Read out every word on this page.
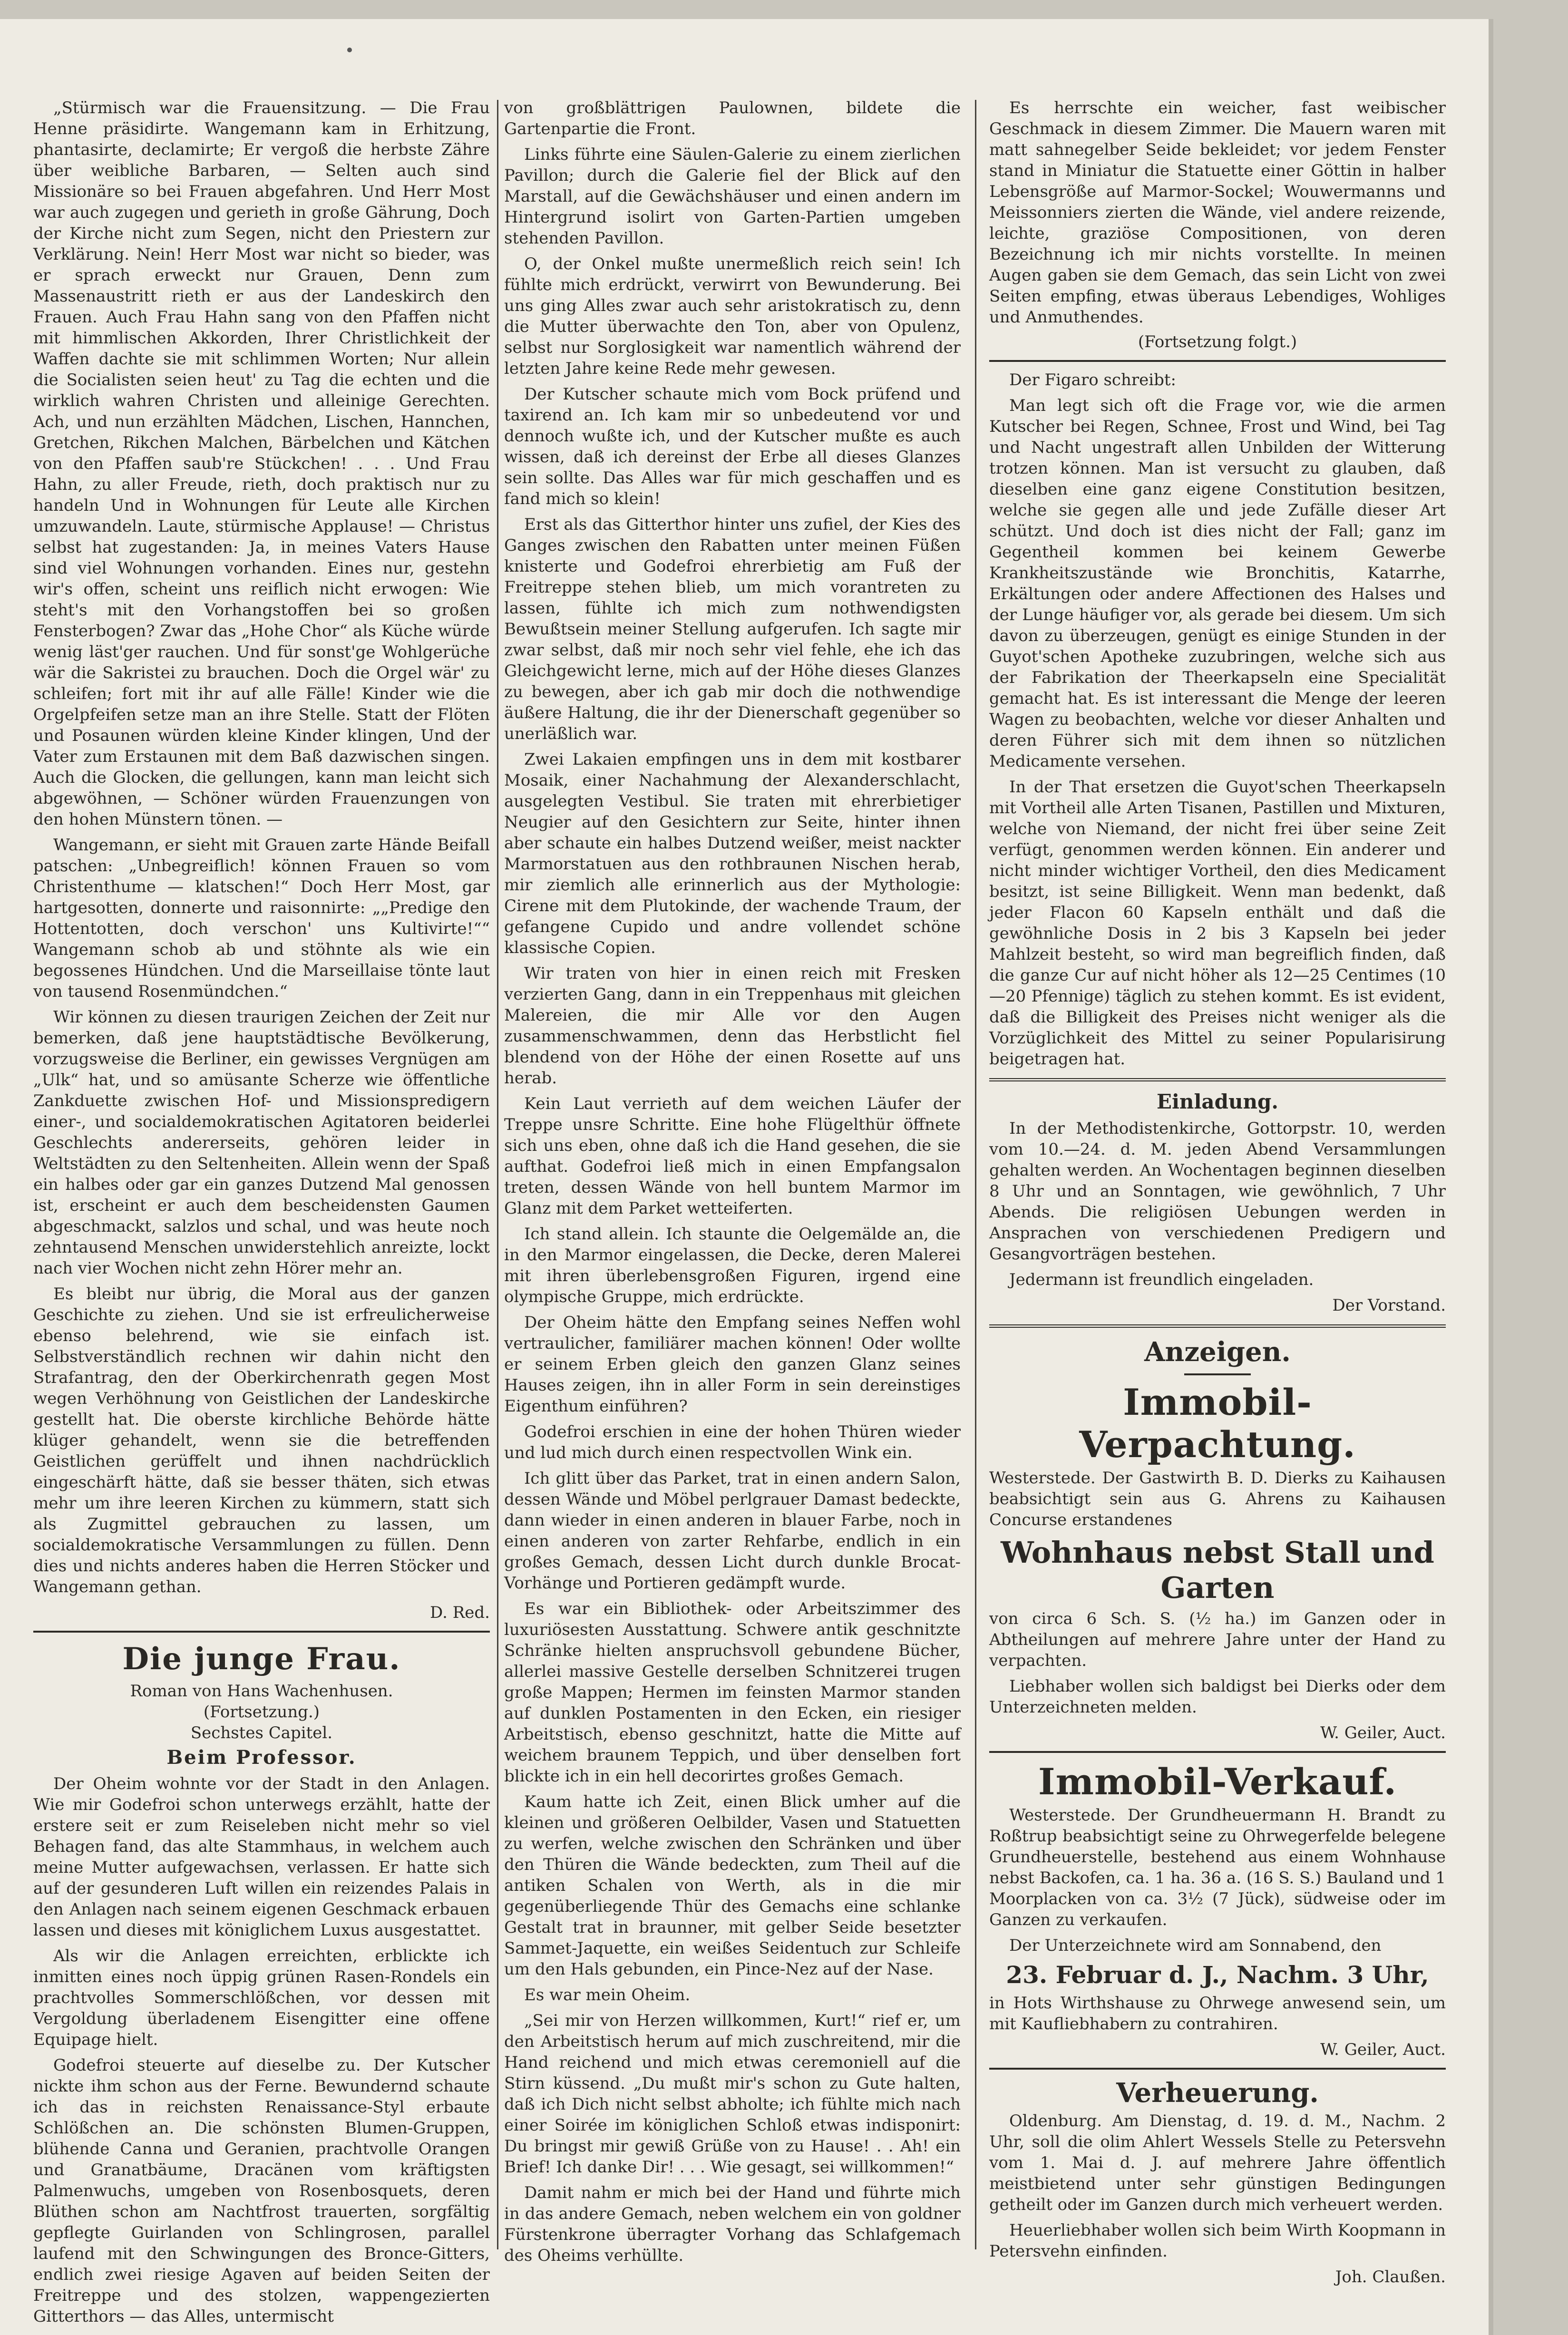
„Stürmisch war die Frauensitzung. — Die Frau Henne präsidirte. Wangemann kam in Erhitzung, phantasirte, declamirte; Er vergoß die herbste Zähre über weibliche Barbaren, — Selten auch sind Missionäre so bei Frauen abgefahren. Und Herr Most war auch zugegen und gerieth in große Gährung, Doch der Kirche nicht zum Segen, nicht den Priestern zur Verklärung. Nein! Herr Most war nicht so bieder, was er sprach erweckt nur Grauen, Denn zum Massenaustritt rieth er aus der Landeskirch den Frauen. Auch Frau Hahn sang von den Pfaffen nicht mit himmlischen Akkorden, Ihrer Christlichkeit der Waffen dachte sie mit schlimmen Worten; Nur allein die Socialisten seien heut' zu Tag die echten und die wirklich wahren Christen und alleinige Gerechten. Ach, und nun erzählten Mädchen, Lischen, Hannchen, Gretchen, Rikchen Malchen, Bärbelchen und Kätchen von den Pfaffen saub're Stückchen! . . . Und Frau Hahn, zu aller Freude, rieth, doch praktisch nur zu handeln Und in Wohnungen für Leute alle Kirchen umzuwandeln. Laute, stürmische Applause! — Christus selbst hat zugestanden: Ja, in meines Vaters Hause sind viel Wohnungen vorhanden. Eines nur, gestehn wir's offen, scheint uns reiflich nicht erwogen: Wie steht's mit den Vorhangstoffen bei so großen Fensterbogen? Zwar das „Hohe Chor“ als Küche würde wenig läst'ger rauchen. Und für sonst'ge Wohlgerüche wär die Sakristei zu brauchen. Doch die Orgel wär' zu schleifen; fort mit ihr auf alle Fälle! Kinder wie die Orgelpfeifen setze man an ihre Stelle. Statt der Flöten und Posaunen würden kleine Kinder klingen, Und der Vater zum Erstaunen mit dem Baß dazwischen singen. Auch die Glocken, die gellungen, kann man leicht sich abgewöhnen, — Schöner würden Frauenzungen von den hohen Münstern tönen. —

Wangemann, er sieht mit Grauen zarte Hände Beifall patschen: „Unbegreiflich! können Frauen so vom Christenthume — klatschen!“ Doch Herr Most, gar hartgesotten, donnerte und raisonnirte: „„Predige den Hottentotten, doch verschon' uns Kultivirte!““ Wangemann schob ab und stöhnte als wie ein begossenes Hündchen. Und die Marseillaise tönte laut von tausend Rosenmündchen.“

Wir können zu diesen traurigen Zeichen der Zeit nur bemerken, daß jene hauptstädtische Bevölkerung, vorzugsweise die Berliner, ein gewisses Vergnügen am „Ulk“ hat, und so amüsante Scherze wie öffentliche Zankduette zwischen Hof- und Missionspredigern einer-, und socialdemokratischen Agitatoren beiderlei Geschlechts andererseits, gehören leider in Weltstädten zu den Seltenheiten. Allein wenn der Spaß ein halbes oder gar ein ganzes Dutzend Mal genossen ist, erscheint er auch dem bescheidensten Gaumen abgeschmackt, salzlos und schal, und was heute noch zehntausend Menschen unwiderstehlich anreizte, lockt nach vier Wochen nicht zehn Hörer mehr an.

Es bleibt nur übrig, die Moral aus der ganzen Geschichte zu ziehen. Und sie ist erfreulicherweise ebenso belehrend, wie sie einfach ist. Selbstverständlich rechnen wir dahin nicht den Strafantrag, den der Oberkirchenrath gegen Most wegen Verhöhnung von Geistlichen der Landeskirche gestellt hat. Die oberste kirchliche Behörde hätte klüger gehandelt, wenn sie die betreffenden Geistlichen gerüffelt und ihnen nachdrücklich eingeschärft hätte, daß sie besser thäten, sich etwas mehr um ihre leeren Kirchen zu kümmern, statt sich als Zugmittel gebrauchen zu lassen, um socialdemokratische Versammlungen zu füllen. Denn dies und nichts anderes haben die Herren Stöcker und Wangemann gethan.

D. Red.
Die junge Frau.
Roman von Hans Wachenhusen.
(Fortsetzung.)
Sechstes Capitel.
Beim Professor.

Der Oheim wohnte vor der Stadt in den Anlagen. Wie mir Godefroi schon unterwegs erzählt, hatte der erstere seit er zum Reiseleben nicht mehr so viel Behagen fand, das alte Stammhaus, in welchem auch meine Mutter aufgewachsen, verlassen. Er hatte sich auf der gesunderen Luft willen ein reizendes Palais in den Anlagen nach seinem eigenen Geschmack erbauen lassen und dieses mit königlichem Luxus ausgestattet.

Als wir die Anlagen erreichten, erblickte ich inmitten eines noch üppig grünen Rasen-Rondels ein prachtvolles Sommerschlößchen, vor dessen mit Vergoldung überladenem Eisengitter eine offene Equipage hielt.

Godefroi steuerte auf dieselbe zu. Der Kutscher nickte ihm schon aus der Ferne. Bewundernd schaute ich das in reichsten Renaissance-Styl erbaute Schlößchen an. Die schönsten Blumen-Gruppen, blühende Canna und Geranien, prachtvolle Orangen und Granatbäume, Dracänen vom kräftigsten Palmenwuchs, umgeben von Rosenbosquets, deren Blüthen schon am Nachtfrost trauerten, sorgfältig gepflegte Guirlanden von Schlingrosen, parallel laufend mit den Schwingungen des Bronce-Gitters, endlich zwei riesige Agaven auf beiden Seiten der Freitreppe und des stolzen, wappengezierten Gitterthors — das Alles, untermischt

von großblättrigen Paulownen, bildete die Gartenpartie die Front.

Links führte eine Säulen-Galerie zu einem zierlichen Pavillon; durch die Galerie fiel der Blick auf den Marstall, auf die Gewächshäuser und einen andern im Hintergrund isolirt von Garten-Partien umgeben stehenden Pavillon.

O, der Onkel mußte unermeßlich reich sein! Ich fühlte mich erdrückt, verwirrt von Bewunderung. Bei uns ging Alles zwar auch sehr aristokratisch zu, denn die Mutter überwachte den Ton, aber von Opulenz, selbst nur Sorglosigkeit war namentlich während der letzten Jahre keine Rede mehr gewesen.

Der Kutscher schaute mich vom Bock prüfend und taxirend an. Ich kam mir so unbedeutend vor und dennoch wußte ich, und der Kutscher mußte es auch wissen, daß ich dereinst der Erbe all dieses Glanzes sein sollte. Das Alles war für mich geschaffen und es fand mich so klein!

Erst als das Gitterthor hinter uns zufiel, der Kies des Ganges zwischen den Rabatten unter meinen Füßen knisterte und Godefroi ehrerbietig am Fuß der Freitreppe stehen blieb, um mich vorantreten zu lassen, fühlte ich mich zum nothwendigsten Bewußtsein meiner Stellung aufgerufen. Ich sagte mir zwar selbst, daß mir noch sehr viel fehle, ehe ich das Gleichgewicht lerne, mich auf der Höhe dieses Glanzes zu bewegen, aber ich gab mir doch die nothwendige äußere Haltung, die ihr der Dienerschaft gegenüber so unerläßlich war.

Zwei Lakaien empfingen uns in dem mit kostbarer Mosaik, einer Nachahmung der Alexanderschlacht, ausgelegten Vestibul. Sie traten mit ehrerbietiger Neugier auf den Gesichtern zur Seite, hinter ihnen aber schaute ein halbes Dutzend weißer, meist nackter Marmorstatuen aus den rothbraunen Nischen herab, mir ziemlich alle erinnerlich aus der Mythologie: Cirene mit dem Plutokinde, der wachende Traum, der gefangene Cupido und andre vollendet schöne klassische Copien.

Wir traten von hier in einen reich mit Fresken verzierten Gang, dann in ein Treppenhaus mit gleichen Malereien, die mir Alle vor den Augen zusammenschwammen, denn das Herbstlicht fiel blendend von der Höhe der einen Rosette auf uns herab.

Kein Laut verrieth auf dem weichen Läufer der Treppe unsre Schritte. Eine hohe Flügelthür öffnete sich uns eben, ohne daß ich die Hand gesehen, die sie aufthat. Godefroi ließ mich in einen Empfangsalon treten, dessen Wände von hell buntem Marmor im Glanz mit dem Parket wetteiferten.

Ich stand allein. Ich staunte die Oelgemälde an, die in den Marmor eingelassen, die Decke, deren Malerei mit ihren überlebensgroßen Figuren, irgend eine olympische Gruppe, mich erdrückte.

Der Oheim hätte den Empfang seines Neffen wohl vertraulicher, familiärer machen können! Oder wollte er seinem Erben gleich den ganzen Glanz seines Hauses zeigen, ihn in aller Form in sein dereinstiges Eigenthum einführen?

Godefroi erschien in eine der hohen Thüren wieder und lud mich durch einen respectvollen Wink ein.

Ich glitt über das Parket, trat in einen andern Salon, dessen Wände und Möbel perlgrauer Damast bedeckte, dann wieder in einen anderen in blauer Farbe, noch in einen anderen von zarter Rehfarbe, endlich in ein großes Gemach, dessen Licht durch dunkle Brocat-Vorhänge und Portieren gedämpft wurde.

Es war ein Bibliothek- oder Arbeitszimmer des luxuriösesten Ausstattung. Schwere antik geschnitzte Schränke hielten anspruchsvoll gebundene Bücher, allerlei massive Gestelle derselben Schnitzerei trugen große Mappen; Hermen im feinsten Marmor standen auf dunklen Postamenten in den Ecken, ein riesiger Arbeitstisch, ebenso geschnitzt, hatte die Mitte auf weichem braunem Teppich, und über denselben fort blickte ich in ein hell decorirtes großes Gemach.

Kaum hatte ich Zeit, einen Blick umher auf die kleinen und größeren Oelbilder, Vasen und Statuetten zu werfen, welche zwischen den Schränken und über den Thüren die Wände bedeckten, zum Theil auf die antiken Schalen von Werth, als in die mir gegenüberliegende Thür des Gemachs eine schlanke Gestalt trat in braunner, mit gelber Seide besetzter Sammet-Jaquette, ein weißes Seidentuch zur Schleife um den Hals gebunden, ein Pince-Nez auf der Nase.

Es war mein Oheim.

„Sei mir von Herzen willkommen, Kurt!“ rief er, um den Arbeitstisch herum auf mich zuschreitend, mir die Hand reichend und mich etwas ceremoniell auf die Stirn küssend. „Du mußt mir's schon zu Gute halten, daß ich Dich nicht selbst abholte; ich fühlte mich nach einer Soirée im königlichen Schloß etwas indisponirt: Du bringst mir gewiß Grüße von zu Hause! . . Ah! ein Brief! Ich danke Dir! . . . Wie gesagt, sei willkommen!“

Damit nahm er mich bei der Hand und führte mich in das andere Gemach, neben welchem ein von goldner Fürstenkrone überragter Vorhang das Schlafgemach des Oheims verhüllte.

Es herrschte ein weicher, fast weibischer Geschmack in diesem Zimmer. Die Mauern waren mit matt sahnegelber Seide bekleidet; vor jedem Fenster stand in Miniatur die Statuette einer Göttin in halber Lebensgröße auf Marmor-Sockel; Wouwermanns und Meissonniers zierten die Wände, viel andere reizende, leichte, graziöse Compositionen, von deren Bezeichnung ich mir nichts vorstellte. In meinen Augen gaben sie dem Gemach, das sein Licht von zwei Seiten empfing, etwas überaus Lebendiges, Wohliges und Anmuthendes.

(Fortsetzung folgt.)

Der Figaro schreibt:

Man legt sich oft die Frage vor, wie die armen Kutscher bei Regen, Schnee, Frost und Wind, bei Tag und Nacht ungestraft allen Unbilden der Witterung trotzen können. Man ist versucht zu glauben, daß dieselben eine ganz eigene Constitution besitzen, welche sie gegen alle und jede Zufälle dieser Art schützt. Und doch ist dies nicht der Fall; ganz im Gegentheil kommen bei keinem Gewerbe Krankheitszustände wie Bronchitis, Katarrhe, Erkältungen oder andere Affectionen des Halses und der Lunge häufiger vor, als gerade bei diesem. Um sich davon zu überzeugen, genügt es einige Stunden in der Guyot'schen Apotheke zuzubringen, welche sich aus der Fabrikation der Theerkapseln eine Specialität gemacht hat. Es ist interessant die Menge der leeren Wagen zu beobachten, welche vor dieser Anhalten und deren Führer sich mit dem ihnen so nützlichen Medicamente versehen.

In der That ersetzen die Guyot'schen Theerkapseln mit Vortheil alle Arten Tisanen, Pastillen und Mixturen, welche von Niemand, der nicht frei über seine Zeit verfügt, genommen werden können. Ein anderer und nicht minder wichtiger Vortheil, den dies Medicament besitzt, ist seine Billigkeit. Wenn man bedenkt, daß jeder Flacon 60 Kapseln enthält und daß die gewöhnliche Dosis in 2 bis 3 Kapseln bei jeder Mahlzeit besteht, so wird man begreiflich finden, daß die ganze Cur auf nicht höher als 12—25 Centimes (10—20 Pfennige) täglich zu stehen kommt. Es ist evident, daß die Billigkeit des Preises nicht weniger als die Vorzüglichkeit des Mittel zu seiner Popularisirung beigetragen hat.

Einladung.

In der Methodistenkirche, Gottorpstr. 10, werden vom 10.—24. d. M. jeden Abend Versammlungen gehalten werden. An Wochentagen beginnen dieselben 8 Uhr und an Sonntagen, wie gewöhnlich, 7 Uhr Abends. Die religiösen Uebungen werden in Ansprachen von verschiedenen Predigern und Gesangvorträgen bestehen.

Jedermann ist freundlich eingeladen.

Der Vorstand.
Anzeigen.
Immobil-Verpachtung.

Westerstede. Der Gastwirth B. D. Dierks zu Kaihausen beabsichtigt sein aus G. Ahrens zu Kaihausen Concurse erstandenes

Wohnhaus nebst Stall und Garten

von circa 6 Sch. S. (½ ha.) im Ganzen oder in Abtheilungen auf mehrere Jahre unter der Hand zu verpachten.

Liebhaber wollen sich baldigst bei Dierks oder dem Unterzeichneten melden.

W. Geiler, Auct.
Immobil-Verkauf.

Westerstede. Der Grundheuermann H. Brandt zu Roßtrup beabsichtigt seine zu Ohrwegerfelde belegene Grundheuerstelle, bestehend aus einem Wohnhause nebst Backofen, ca. 1 ha. 36 a. (16 S. S.) Bauland und 1 Moorplacken von ca. 3½ (7 Jück), südweise oder im Ganzen zu verkaufen.

Der Unterzeichnete wird am Sonnabend, den

23. Februar d. J., Nachm. 3 Uhr,

in Hots Wirthshause zu Ohrwege anwesend sein, um mit Kaufliebhabern zu contrahiren.

W. Geiler, Auct.
Verheuerung.

Oldenburg. Am Dienstag, d. 19. d. M., Nachm. 2 Uhr, soll die olim Ahlert Wessels Stelle zu Petersvehn vom 1. Mai d. J. auf mehrere Jahre öffentlich meistbietend unter sehr günstigen Bedingungen getheilt oder im Ganzen durch mich verheuert werden.

Heuerliebhaber wollen sich beim Wirth Koopmann in Petersvehn einfinden.

Joh. Claußen.
